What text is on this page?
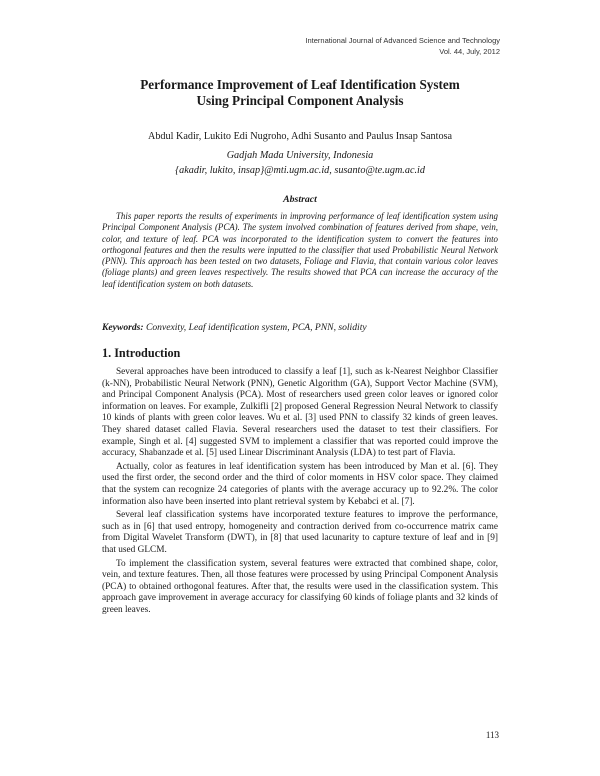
International Journal of Advanced Science and Technology
Vol. 44, July, 2012
Performance Improvement of Leaf Identification System
Using Principal Component Analysis
Abdul Kadir, Lukito Edi Nugroho, Adhi Susanto and Paulus Insap Santosa
Gadjah Mada University, Indonesia
{akadir, lukito, insap}@mti.ugm.ac.id, susanto@te.ugm.ac.id
Abstract

This paper reports the results of experiments in improving performance of leaf identification system using Principal Component Analysis (PCA). The system involved combination of features derived from shape, vein, color, and texture of leaf. PCA was incorporated to the identification system to convert the features into orthogonal features and then the results were inputted to the classifier that used Probabilistic Neural Network (PNN). This approach has been tested on two datasets, Foliage and Flavia, that contain various color leaves (foliage plants) and green leaves respectively. The results showed that PCA can increase the accuracy of the leaf identification system on both datasets.

Keywords: Convexity, Leaf identification system, PCA, PNN, solidity
1. Introduction

Several approaches have been introduced to classify a leaf [1], such as k-Nearest Neighbor Classifier (k-NN), Probabilistic Neural Network (PNN), Genetic Algorithm (GA), Support Vector Machine (SVM), and Principal Component Analysis (PCA). Most of researchers used green color leaves or ignored color information on leaves. For example, Zulkifli [2] proposed General Regression Neural Network to classify 10 kinds of plants with green color leaves. Wu et al. [3] used PNN to classify 32 kinds of green leaves. They shared dataset called Flavia. Several researchers used the dataset to test their classifiers. For example, Singh et al. [4] suggested SVM to implement a classifier that was reported could improve the accuracy, Shabanzade et al. [5] used Linear Discriminant Analysis (LDA) to test part of Flavia.

Actually, color as features in leaf identification system has been introduced by Man et al. [6]. They used the first order, the second order and the third of color moments in HSV color space. They claimed that the system can recognize 24 categories of plants with the average accuracy up to 92.2%. The color information also have been inserted into plant retrieval system by Kebabci et al. [7].

Several leaf classification systems have incorporated texture features to improve the performance, such as in [6] that used entropy, homogeneity and contraction derived from co-occurrence matrix came from Digital Wavelet Transform (DWT), in [8] that used lacunarity to capture texture of leaf and in [9] that used GLCM.

To implement the classification system, several features were extracted that combined shape, color, vein, and texture features. Then, all those features were processed by using Principal Component Analysis (PCA) to obtained orthogonal features. After that, the results were used in the classification system. This approach gave improvement in average accuracy for classifying 60 kinds of foliage plants and 32 kinds of green leaves.

113
